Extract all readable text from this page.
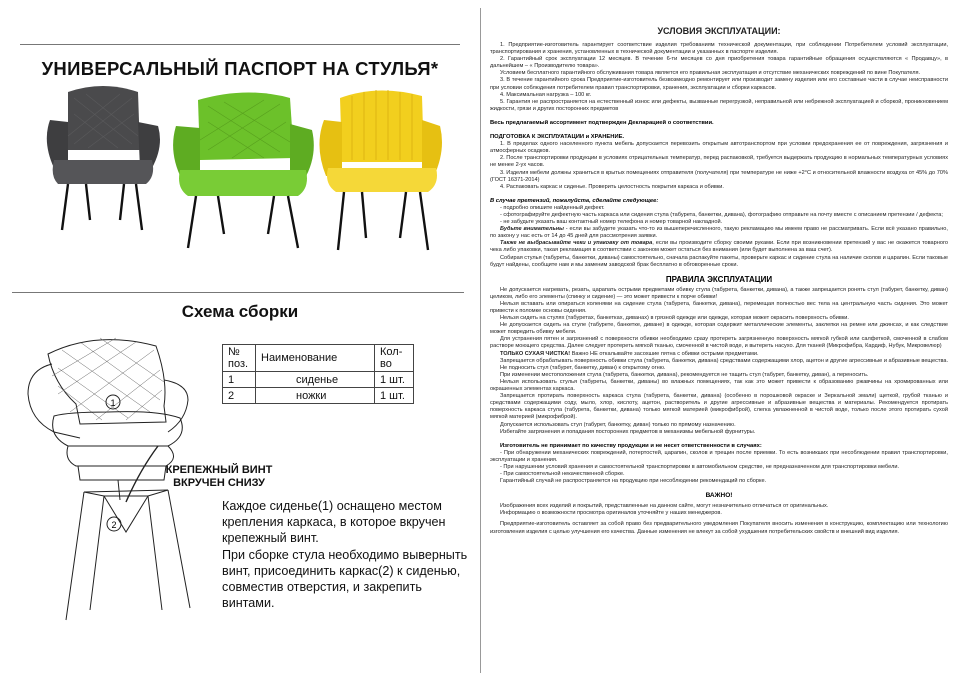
УНИВЕРСАЛЬНЫЙ ПАСПОРТ НА СТУЛЬЯ*
Схема сборки
1
2
№ поз.	Наименование	Кол-во
1	сиденье	1 шт.
2	ножки	1 шт.
КРЕПЕЖНЫЙ ВИНТ ВКРУЧЕН СНИЗУ

Каждое сиденье(1) оснащено местом крепления каркаса, в которое вкручен крепежный винт.

При сборке стула необходимо выверныть винт, присоединить каркас(2) к сиденью, совместив отверстия, и закрепить винтами.

УСЛОВИЯ ЭКСПЛУАТАЦИИ:

1. Предприятие-изготовитель гарантирует соответствие изделия требованиям технической документации, при соблюдении Потребителем условий эксплуатации, транспортирования и хранения, установленных в технической документации и указанных в паспорте изделия.

2. Гарантийный срок эксплуатации 12 месяцев. В течение 6-ти месяцев со дня приобретения товара гарантийные обращения осуществляются « Продавцу», в дальнейшем – « Производителю товара».

Условием бесплатного гарантийного обслуживания товара является его правильная эксплуатация и отсутствие механических повреждений по вине Покупателя.

3. В течение гарантийного срока Предприятие-изготовитель безвозмездно ремонтирует или производит замену изделия или его составные части в случае неисправности при условии соблюдения потребителем правил транспортировки, хранения, эксплуатации и сборки каркасов.

4. Максимальная нагрузка – 100 кг.

5. Гарантия не распространяется на естественный износ или дефекты, вызванные перегрузкой, неправильной или небрежной эксплуатацией и сборкой, проникновением жидкости, грязи и других посторонних предметов

Весь предлагаемый ассортимент подтвержден Декларацией о соответствии.

ПОДГОТОВКА К ЭКСПЛУАТАЦИИ и ХРАНЕНИЕ.

1. В пределах одного населенного пункта мебель допускается перевозить открытым автотранспортом при условии предохранения ее от повреждения, загрязнения и атмосферных осадков.

2. После транспортировки продукции в условиях отрицательных температур, перед распаковкой, требуется выдержать продукцию в нормальных температурных условиях не менее 2-ух часов.

3. Изделия мебели должны храниться в крытых помещениях отправителя (получателя) при температуре не ниже +2°С и относительной влажности воздуха от 45% до 70% (ГОСТ 16371-2014)

4. Распаковать каркас и сиденье. Проверить целостность покрытия каркаса и обивки.

В случае претензий, пожалуйста, сделайте следующее:

- подробно опишите найденный дефект.

- сфотографируйте дефектную часть каркаса или сидения стула (табурета, банкетки, дивана), фотографию отправьте на почту вместе с описанием претензии / дефекта;

- не забудьте указать ваш контактный номер телефона и номер товарной накладной.

Будьте внимательны - если вы забудете указать что-то из вышеперечисленного, такую рекламацию мы имеем право не рассматривать. Если всё указано правильно, по закону у нас есть от 14 до 45 дней для рассмотрения заявки.

Также не выбрасывайте чеки и упаковку от товара, если вы производите сборку своими руками. Если при возникновении претензий у вас не окажется товарного чека либо упаковки, такая рекламация в соответствии с законом может остаться без внимания (или будет выполнена за ваш счет).

Собирая стулья (табуреты, банкетки, диваны) самостоятельно, сначала распакуйте пакеты, проверьте каркас и сидение стула на наличие сколов и царапин. Если таковые будут найдены, сообщите нам и мы заменим заводской брак бесплатно в обговоренные сроки.

ПРАВИЛА ЭКСПЛУАТАЦИИ

Не допускается нагревать, резать, царапать острыми предметами обивку стула (табурета, банкетки, дивана), а также запрещается ронять стул (табурет, банкетку, диван) целиком, либо его элементы (спинку и сидение) — это может привести к порче обивки!

Нельзя вставать или опираться коленями на сидение стула (табурета, банкетки, дивана), перемещая полностью вес тела на центральную часть сидения. Это может привести к поломке основы сидения.

Нельзя сидеть на стулях (табуретах, банкетках, диванах) в грязной одежде или одежде, которая может окрасить поверхность обивки.

Не допускается сидеть на стуле (табурете, банкетке, диване) в одежде, которая содержит металлические элементы, заклепки на ремне или джинсах, и как следствие может повредить обивку мебели.

Для устранения пятен и загрязнений с поверхности обивки необходимо сразу протереть загрязненную поверхность мягкой губкой или салфеткой, смоченной в слабом растворе моющего средства. Далее следует протереть мягкой тканью, смоченной в чистой воде, и вытереть насухо. Для тканей (Микрофибра, Кардиф, Нубук, Микровелюр)

ТОЛЬКО СУХАЯ ЧИСТКА! Важно НЕ откалывайте засохшие пятна с обивки острыми предметами.

Запрещается обрабатывать поверхность обивки стула (табурета, банкетки, дивана) средствами содержащими хлор, ацетон и другие агрессивные и абразивные вещества.

Не подносить стул (табурет, банкетку, диван) к открытому огню.

При изменении местоположения стула (табурета, банкетки, дивана), рекомендуется не тащить стул (табурет, банкетку, диван), а переносить.

Нельзя использовать стулья (табуреты, банкетки, диваны) во влажных помещениях, так как это может привести к образованию ржавчины на хромированных или окрашенных элементах каркаса.

Запрещается протирать поверхность каркаса стула (табурета, банкетки, дивана) (особенно в порошковой окраске и Зеркальной эмали) щеткой, грубой тканью и средствами содержащими соду, мыло, хлор, кислоту, ацетон, растворитель и другие агрессивные и абразивные вещества и материалы. Рекомендуется протирать поверхность каркаса стула (табурета, банкетки, дивана) только мягкой материей (микрофиброй), слегка увлажненной в чистой воде, только после этого протирать сухой мягкой материей (микрофиброй).

Допускается использовать стул (табурет, банкетку, диван) только по прямому назначению.

Избегайте загрязнения и попадания посторонних предметов в механизмы мебельной фурнитуры.

Изготовитель не принимает по качеству продукции и не несет ответственности в случаях:

- При обнаружении механических повреждений, потертостей, царапин, сколов и трещин после приемки. То есть возникших при несоблюдении правил транспортировки, эксплуатации и хранения.

- При нарушении условий хранения и самостоятельной транспортировки в автомобильном средстве, не предназначенном для транспортировки мебели.

- При самостоятельной некачественной сборке.

Гарантийный случай не распространяется на продукцию при несоблюдении рекомендаций по сборке.

ВАЖНО!

Изображения всех изделий и покрытий, представленные на данном сайте, могут незначительно отличаться от оригинальных.

Информацию о возможности просмотра оригиналов уточняйте у наших менеджеров.

Предприятие-изготовитель оставляет за собой право без предварительного уведомления Покупателя вносить изменения в конструкцию, комплектацию или технологию изготовления изделия с целью улучшения его качества. Данные изменения не влекут за собой ухудшения потребительских свойств и внешний вид изделия.
